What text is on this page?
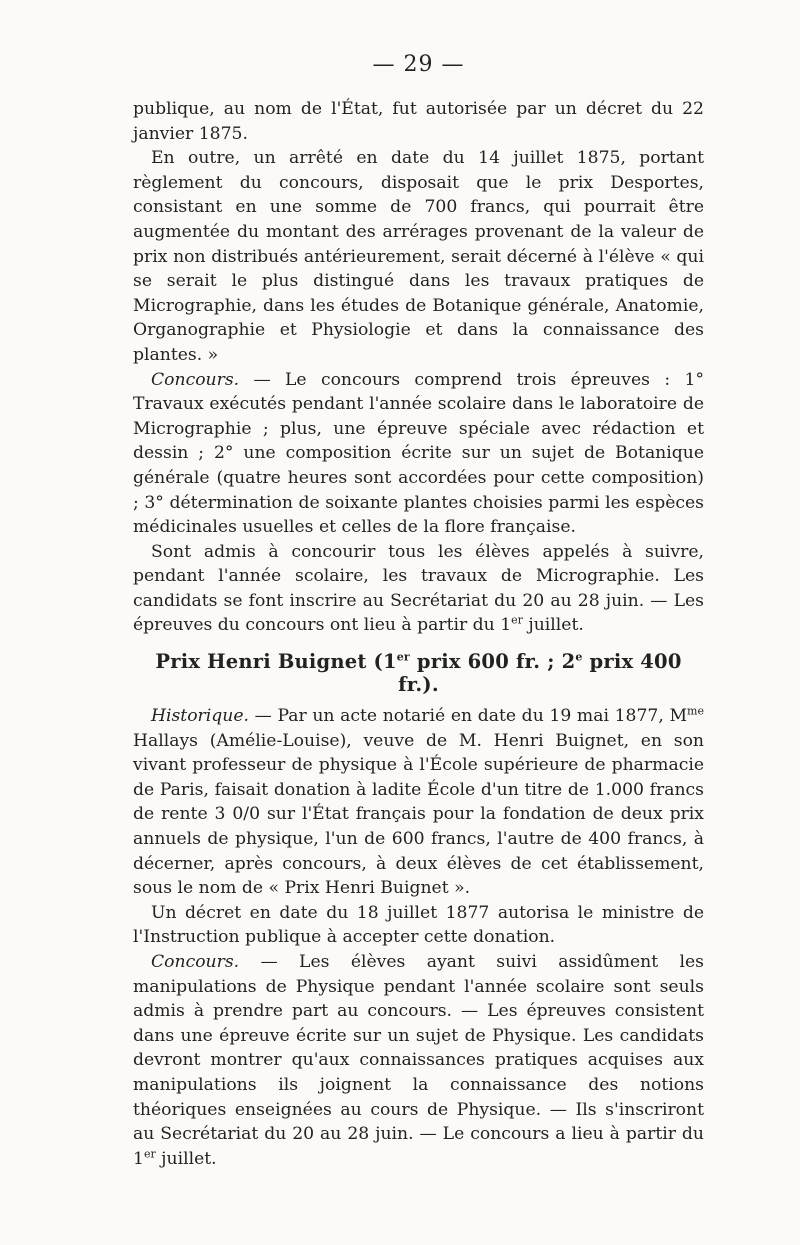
— 29 —

publique, au nom de l'État, fut autorisée par un décret du 22 janvier 1875.

En outre, un arrêté en date du 14 juillet 1875, portant règlement du concours, disposait que le prix Desportes, consistant en une somme de 700 francs, qui pourrait être augmentée du montant des arrérages provenant de la valeur de prix non distribués antérieurement, serait décerné à l'élève « qui se serait le plus distingué dans les travaux pratiques de Micrographie, dans les études de Botanique générale, Anatomie, Organographie et Physiologie et dans la connaissance des plantes. »

Concours. — Le concours comprend trois épreuves : 1° Travaux exécutés pendant l'année scolaire dans le laboratoire de Micrographie ; plus, une épreuve spéciale avec rédaction et dessin ; 2° une composition écrite sur un sujet de Botanique générale (quatre heures sont accordées pour cette composition) ; 3° détermination de soixante plantes choisies parmi les espèces médicinales usuelles et celles de la flore française.

Sont admis à concourir tous les élèves appelés à suivre, pendant l'année scolaire, les travaux de Micrographie. Les candidats se font inscrire au Secrétariat du 20 au 28 juin. — Les épreuves du concours ont lieu à partir du 1er juillet.

Prix Henri Buignet (1er prix 600 fr. ; 2e prix 400 fr.).

Historique. — Par un acte notarié en date du 19 mai 1877, $M^{me}$ Hallays (Amélie-Louise), veuve de M. Henri Buignet, en son vivant professeur de physique à l'École supérieure de pharmacie de Paris, faisait donation à ladite École d'un titre de 1.000 francs de rente 3 0/0 sur l'État français pour la fondation de deux prix annuels de physique, l'un de 600 francs, l'autre de 400 francs, à décerner, après concours, à deux élèves de cet établissement, sous le nom de « Prix Henri Buignet ».

Un décret en date du 18 juillet 1877 autorisa le ministre de l'Instruction publique à accepter cette donation.

Concours. — Les élèves ayant suivi assidûment les manipulations de Physique pendant l'année scolaire sont seuls admis à prendre part au concours. — Les épreuves consistent dans une épreuve écrite sur un sujet de Physique. Les candidats devront montrer qu'aux connaissances pratiques acquises aux manipulations ils joignent la connaissance des notions théoriques enseignées au cours de Physique. — Ils s'inscriront au Secrétariat du 20 au 28 juin. — Le concours a lieu à partir du 1er juillet.
